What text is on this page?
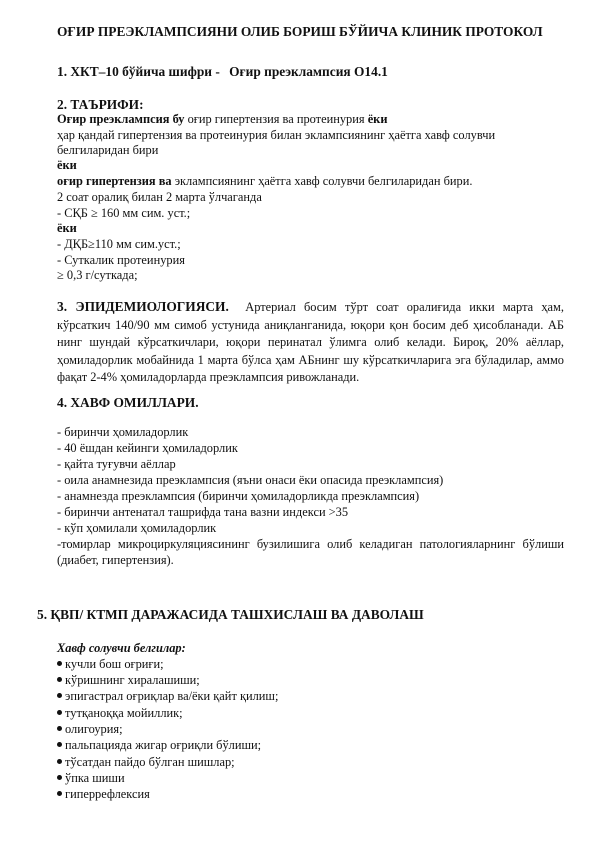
ОҒИР ПРЕЭКЛАМПСИЯНИ ОЛИБ БОРИШ БЎЙИЧА КЛИНИК ПРОТОКОЛ
1. ХКТ–10 бўйича шифри - Оғир преэклампсия О14.1
2. ТАЪРИФИ:
Оғир преэклампсия бу оғир гипертензия ва протеинурия ёки
ҳар қандай гипертензия ва протеинурия билан эклампсиянинг ҳаётга хавф солувчи
белгиларидан бири
ёки
оғир гипертензия ва эклампсиянинг ҳаётга хавф солувчи белгиларидан бири.
2 соат оралиқ билан 2 марта ўлчаганда
- СҚБ ≥ 160 мм сим. уст.;
ёки
- ДҚБ≥110 мм сим.уст.;
- Суткалик протеинурия
≥ 0,3 г/суткада;
3. ЭПИДЕМИОЛОГИЯСИ. Артериал босим тўрт соат оралиғида икки марта ҳам, кўрсаткич 140/90 мм симоб устунида аниқланганида, юқори қон босим деб ҳисобланади. АБ нинг шундай кўрсаткичлари, юқори перинатал ўлимга олиб келади. Бироқ, 20% аёллар, ҳомиладорлик мобайнида 1 марта бўлса ҳам АБнинг шу кўрсаткичларига эга бўладилар, аммо фақат 2-4% ҳомиладорларда преэклампсия ривожланади.
4. ХАВФ ОМИЛЛАРИ.
- биринчи ҳомиладорлик
- 40 ёшдан кейинги ҳомиладорлик
- қайта туғувчи аёллар
- оила анамнезида преэклампсия (яъни онаси ёки опасида преэклампсия)
- анамнезда преэклампсия (биринчи ҳомиладорликда преэклампсия)
- биринчи антенатал ташрифда тана вазни индекси >35
- кўп ҳомилали ҳомиладорлик
-томирлар микроциркуляциясининг бузилишига олиб келадиган патологияларнинг бўлиши (диабет, гипертензия).
5. ҚВП/ КТМП ДАРАЖАСИДА ТАШХИСЛАШ ВА ДАВОЛАШ
Хавф солувчи белгилар:
кучли бош оғриғи;
кўришнинг хиралашиши;
эпигастрал оғриқлар ва/ёки қайт қилиш;
тутқаноққа мойиллик;
олигоурия;
пальпацияда жигар оғриқли бўлиши;
тўсатдан пайдо бўлган шишлар;
ўпка шиши
гиперрефлексия
